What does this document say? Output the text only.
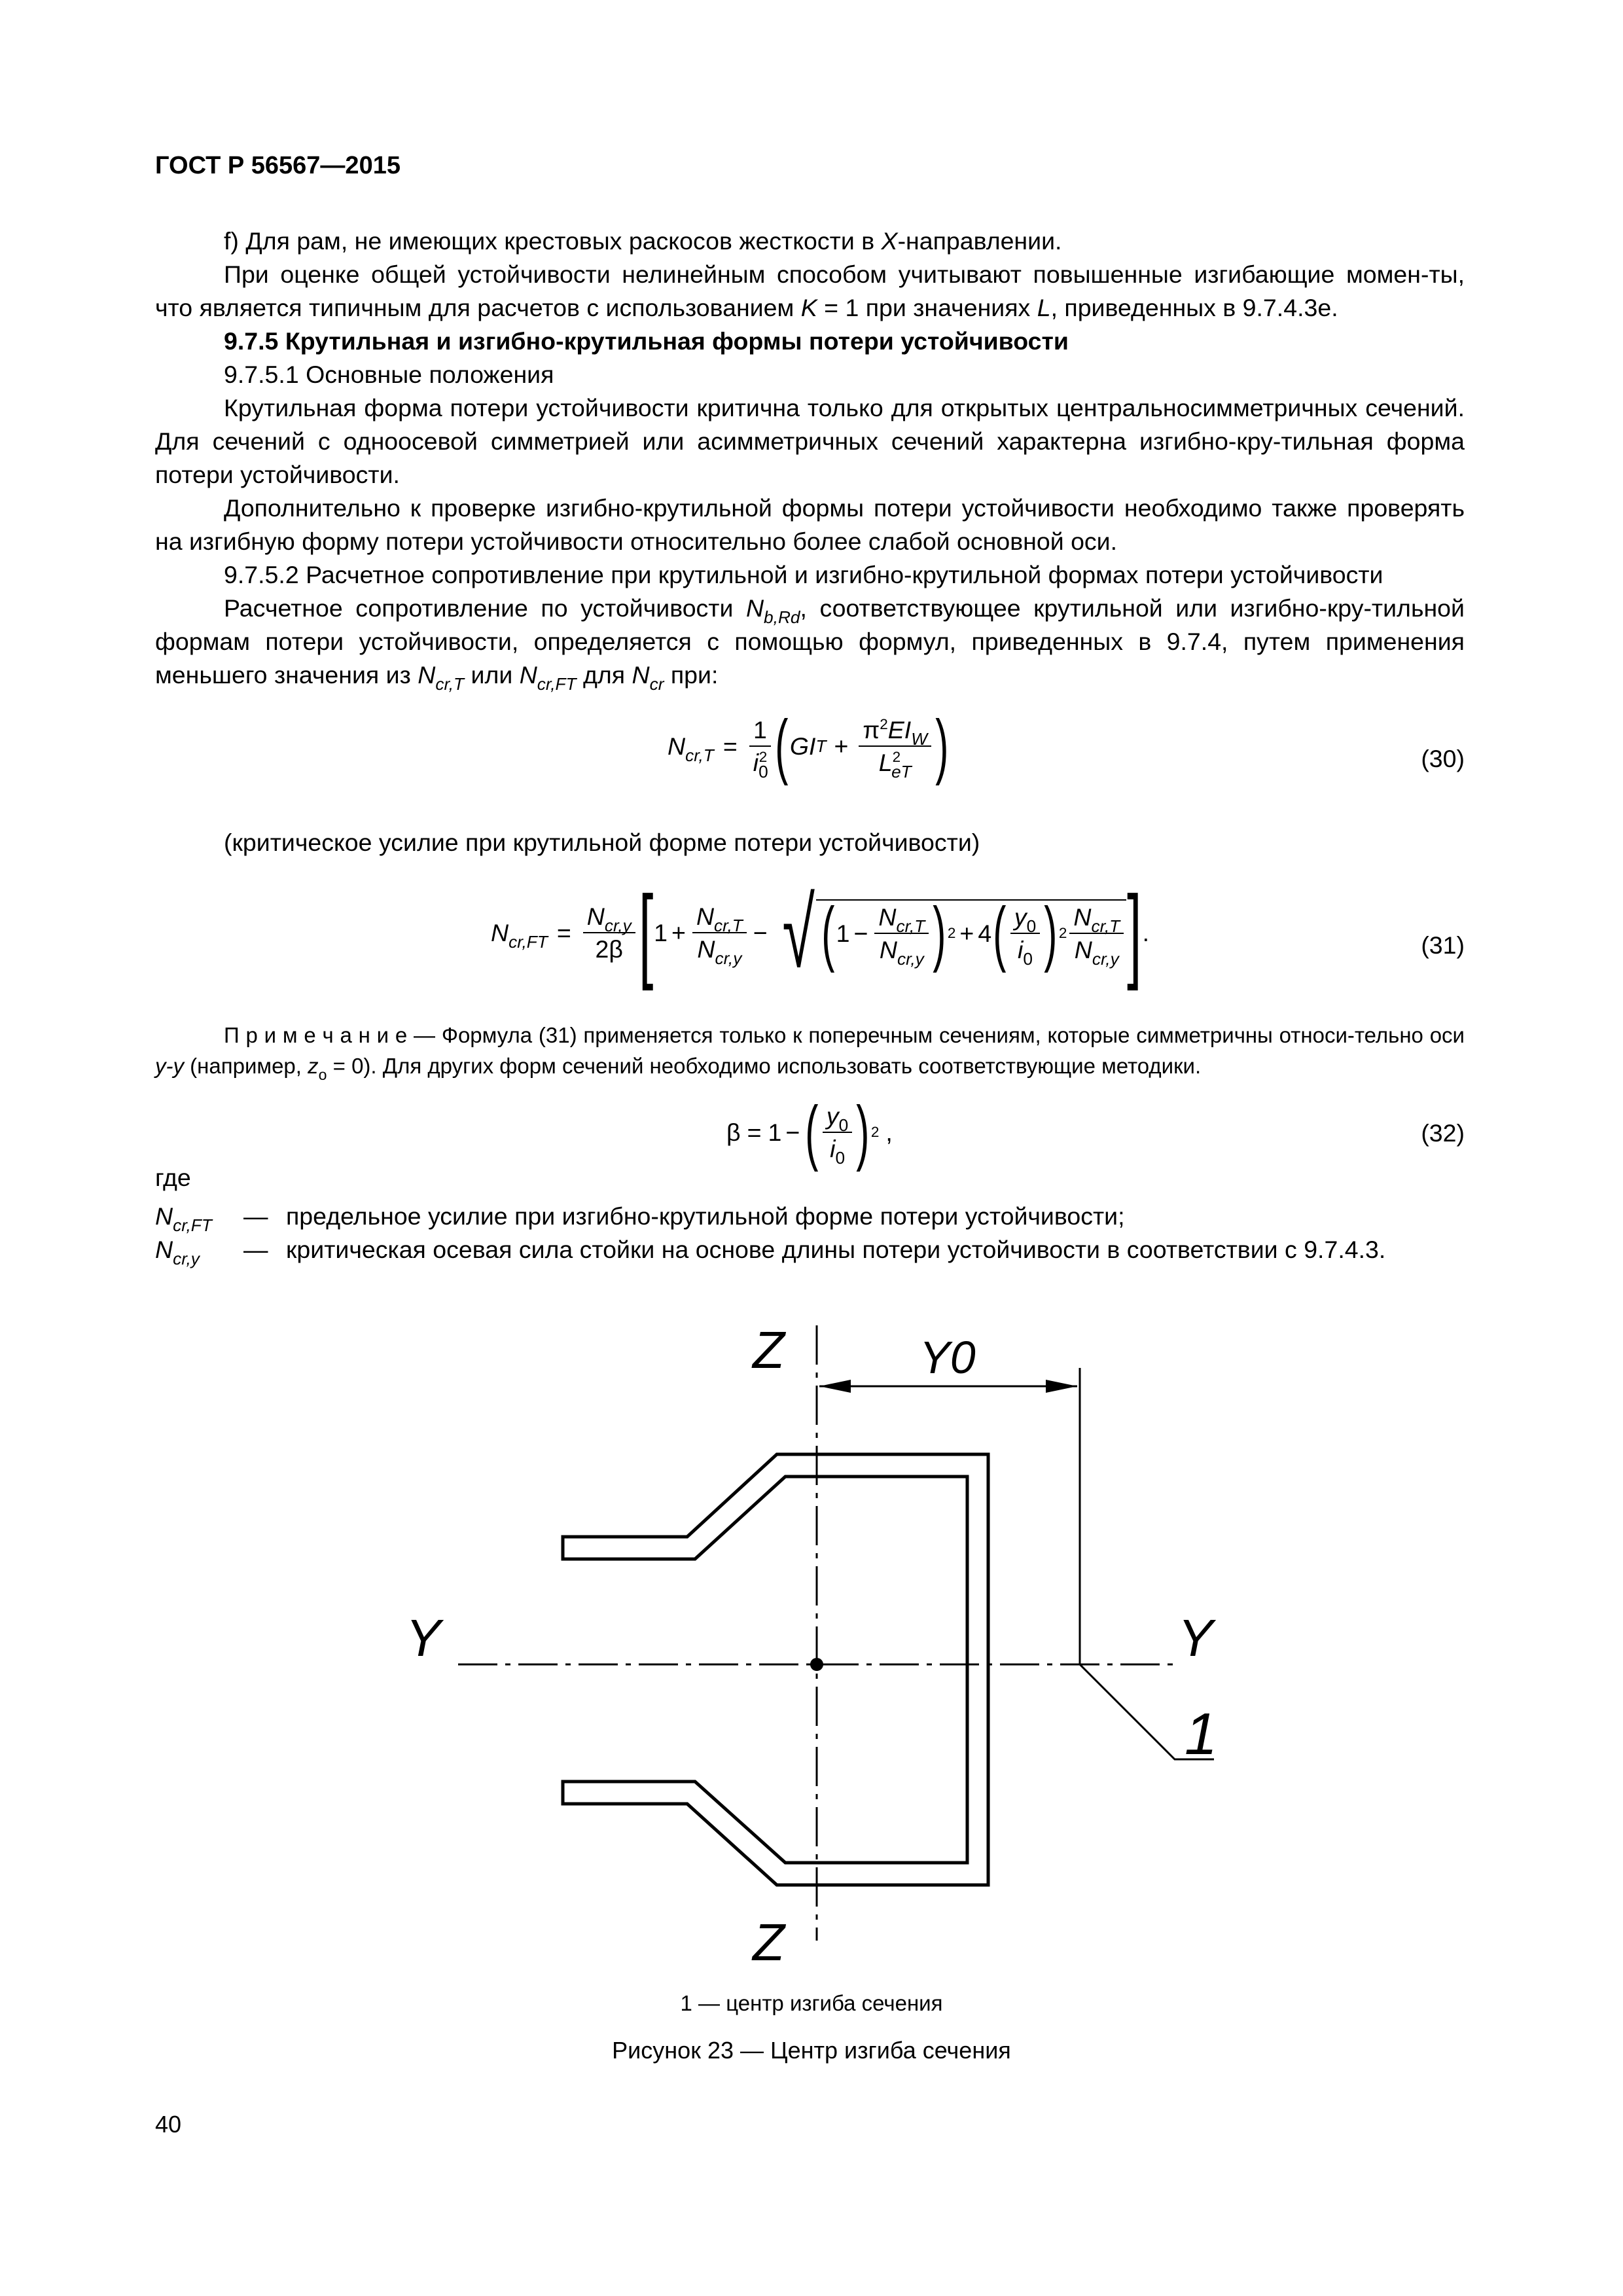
ГОСТ Р 56567—2015

f) Для рам, не имеющих крестовых раскосов жесткости в X-направлении.

При оценке общей устойчивости нелинейным способом учитывают повышенные изгибающие момен-ты, что является типичным для расчетов с использованием K = 1 при значениях L, приведенных в 9.7.4.3е.

9.7.5 Крутильная и изгибно-крутильная формы потери устойчивости

9.7.5.1 Основные положения

Крутильная форма потери устойчивости критична только для открытых центральносимметричных сечений. Для сечений с одноосевой симметрией или асимметричных сечений характерна изгибно-кру-тильная форма потери устойчивости.

Дополнительно к проверке изгибно-крутильной формы потери устойчивости необходимо также проверять на изгибную форму потери устойчивости относительно более слабой основной оси.

9.7.5.2 Расчетное сопротивление при крутильной и изгибно-крутильной формах потери устойчивости

Расчетное сопротивление по устойчивости $N_{b,Rd}$, соответствующее крутильной или изгибно-кру-тильной формам потери устойчивости, определяется с помощью формул, приведенных в 9.7.4, путем применения меньшего значения из $N_{cr,T}$ или $N_{cr,FT}$ для $N_{cr}$ при:

$N_{cr,T} = \frac{1}{i_0^2}$ ( GI $T + \frac{\pi^2EI_W}{L^2_{eT}}$ )	(30)

(критическое усилие при крутильной форме потери устойчивости)

$N_{cr,FT} = \frac{N_{cr,y}}{2\beta}$ [ $1 + \frac{N_{cr,T}}{N_{cr,y}}$ − √ ( $1 - \frac{N_{cr,T}}{N_{cr,y}}$ ) 2 + 4 ( $\frac{y_0}{i_0}$ ) $2 \frac{N_{cr,T}}{N_{cr,y}}$ ] .	(31)

П р и м е ч а н и е — Формула (31) применяется только к поперечным сечениям, которые симметричны относи-тельно оси y-y (например, $z_o = 0$). Для других форм сечений необходимо использовать соответствующие методики.

β = 1 − ( $\frac{y_0}{i_0}$ ) 2 ,	(32)
где
$N_{cr,FT}$ — предельное усилие при изгибно-крутильной форме потери устойчивости;
$N_{cr,y}$ — критическая осевая сила стойки на основе длины потери устойчивости в соответствии с 9.7.4.3.
Z
Z
Y	Y
Y0
1
1 — центр изгиба сечения
Рисунок 23 — Центр изгиба сечения
40
